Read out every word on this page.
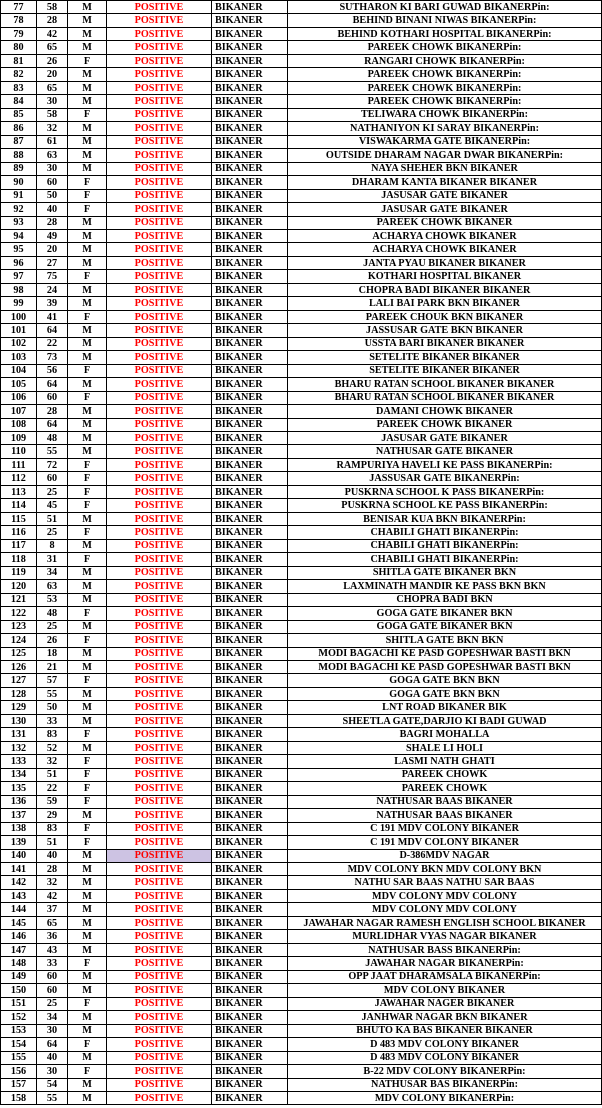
77	58	M	POSITIVE	BIKANER	SUTHARON KI BARI GUWAD BIKANERPin:
78	28	M	POSITIVE	BIKANER	BEHIND BINANI NIWAS BIKANERPin:
79	42	M	POSITIVE	BIKANER	BEHIND KOTHARI HOSPITAL BIKANERPin:
80	65	M	POSITIVE	BIKANER	PAREEK CHOWK BIKANERPin:
81	26	F	POSITIVE	BIKANER	RANGARI CHOWK BIKANERPin:
82	20	M	POSITIVE	BIKANER	PAREEK CHOWK BIKANERPin:
83	65	M	POSITIVE	BIKANER	PAREEK CHOWK BIKANERPin:
84	30	M	POSITIVE	BIKANER	PAREEK CHOWK BIKANERPin:
85	58	F	POSITIVE	BIKANER	TELIWARA CHOWK BIKANERPin:
86	32	M	POSITIVE	BIKANER	NATHANIYON KI SARAY BIKANERPin:
87	61	M	POSITIVE	BIKANER	VISWAKARMA GATE BIKANERPin:
88	63	M	POSITIVE	BIKANER	OUTSIDE DHARAM NAGAR DWAR BIKANERPin:
89	30	M	POSITIVE	BIKANER	NAYA SHEHER BKN BIKANER
90	60	F	POSITIVE	BIKANER	DHARAM KANTA BIKANER BIKANER
91	50	F	POSITIVE	BIKANER	JASUSAR GATE BIKANER
92	40	F	POSITIVE	BIKANER	JASUSAR GATE BIKANER
93	28	M	POSITIVE	BIKANER	PAREEK CHOWK BIKANER
94	49	M	POSITIVE	BIKANER	ACHARYA CHOWK BIKANER
95	20	M	POSITIVE	BIKANER	ACHARYA CHOWK BIKANER
96	27	M	POSITIVE	BIKANER	JANTA PYAU BIKANER BIKANER
97	75	F	POSITIVE	BIKANER	KOTHARI HOSPITAL BIKANER
98	24	M	POSITIVE	BIKANER	CHOPRA BADI BIKANER BIKANER
99	39	M	POSITIVE	BIKANER	LALI BAI PARK BKN BIKANER
100	41	F	POSITIVE	BIKANER	PAREEK CHOUK BKN BIKANER
101	64	M	POSITIVE	BIKANER	JASSUSAR GATE BKN BIKANER
102	22	M	POSITIVE	BIKANER	USSTA BARI BIKANER BIKANER
103	73	M	POSITIVE	BIKANER	SETELITE BIKANER BIKANER
104	56	F	POSITIVE	BIKANER	SETELITE BIKANER BIKANER
105	64	M	POSITIVE	BIKANER	BHARU RATAN SCHOOL BIKANER BIKANER
106	60	F	POSITIVE	BIKANER	BHARU RATAN SCHOOL BIKANER BIKANER
107	28	M	POSITIVE	BIKANER	DAMANI CHOWK BIKANER
108	64	M	POSITIVE	BIKANER	PAREEK CHOWK BIKANER
109	48	M	POSITIVE	BIKANER	JASUSAR GATE BIKANER
110	55	M	POSITIVE	BIKANER	NATHUSAR GATE BIKANER
111	72	F	POSITIVE	BIKANER	RAMPURIYA HAVELI KE PASS BIKANERPin:
112	60	F	POSITIVE	BIKANER	JASSUSAR GATE BIKANERPin:
113	25	F	POSITIVE	BIKANER	PUSKRNA SCHOOL K PASS BIKANERPin:
114	45	F	POSITIVE	BIKANER	PUSKRNA SCHOOL KE PASS BIKANERPin:
115	51	M	POSITIVE	BIKANER	BENISAR KUA BKN BIKANERPin:
116	25	F	POSITIVE	BIKANER	CHABILI GHATI BIKANERPin:
117	8	M	POSITIVE	BIKANER	CHABILI GHATI BIKANERPin:
118	31	F	POSITIVE	BIKANER	CHABILI GHATI BIKANERPin:
119	34	M	POSITIVE	BIKANER	SHITLA GATE BIKANER BKN
120	63	M	POSITIVE	BIKANER	LAXMINATH MANDIR KE PASS BKN BKN
121	53	M	POSITIVE	BIKANER	CHOPRA BADI BKN
122	48	F	POSITIVE	BIKANER	GOGA GATE BIKANER BKN
123	25	M	POSITIVE	BIKANER	GOGA GATE BIKANER BKN
124	26	F	POSITIVE	BIKANER	SHITLA GATE BKN BKN
125	18	M	POSITIVE	BIKANER	MODI BAGACHI KE PASD GOPESHWAR BASTI BKN
126	21	M	POSITIVE	BIKANER	MODI BAGACHI KE PASD GOPESHWAR BASTI BKN
127	57	F	POSITIVE	BIKANER	GOGA GATE BKN BKN
128	55	M	POSITIVE	BIKANER	GOGA GATE BKN BKN
129	50	M	POSITIVE	BIKANER	LNT ROAD BIKANER BIK
130	33	M	POSITIVE	BIKANER	SHEETLA GATE,DARJIO KI BADI GUWAD
131	83	F	POSITIVE	BIKANER	BAGRI MOHALLA
132	52	M	POSITIVE	BIKANER	SHALE LI HOLI
133	32	F	POSITIVE	BIKANER	LASMI NATH GHATI
134	51	F	POSITIVE	BIKANER	PAREEK CHOWK
135	22	F	POSITIVE	BIKANER	PAREEK CHOWK
136	59	F	POSITIVE	BIKANER	NATHUSAR BAAS BIKANER
137	29	M	POSITIVE	BIKANER	NATHUSAR BAAS BIKANER
138	83	F	POSITIVE	BIKANER	C 191 MDV COLONY BIKANER
139	51	F	POSITIVE	BIKANER	C 191 MDV COLONY BIKANER
140	40	M	POSITIVE	BIKANER	D-386MDV NAGAR
141	28	M	POSITIVE	BIKANER	MDV COLONY BKN MDV COLONY BKN
142	32	M	POSITIVE	BIKANER	NATHU SAR BAAS NATHU SAR BAAS
143	42	M	POSITIVE	BIKANER	MDV COLONY MDV COLONY
144	37	M	POSITIVE	BIKANER	MDV COLONY MDV COLONY
145	65	M	POSITIVE	BIKANER	JAWAHAR NAGAR RAMESH ENGLISH SCHOOL BIKANER
146	36	M	POSITIVE	BIKANER	MURLIDHAR VYAS NAGAR BIKANER
147	43	M	POSITIVE	BIKANER	NATHUSAR BASS BIKANERPin:
148	33	F	POSITIVE	BIKANER	JAWAHAR NAGAR BIKANERPin:
149	60	M	POSITIVE	BIKANER	OPP JAAT DHARAMSALA BIKANERPin:
150	60	M	POSITIVE	BIKANER	MDV COLONY BIKANER
151	25	F	POSITIVE	BIKANER	JAWAHAR NAGER BIKANER
152	34	M	POSITIVE	BIKANER	JANHWAR NAGAR BKN BIKANER
153	30	M	POSITIVE	BIKANER	BHUTO KA BAS BIKANER BIKANER
154	64	F	POSITIVE	BIKANER	D 483 MDV COLONY BIKANER
155	40	M	POSITIVE	BIKANER	D 483 MDV COLONY BIKANER
156	30	F	POSITIVE	BIKANER	B-22 MDV COLONY BIKANERPin:
157	54	M	POSITIVE	BIKANER	NATHUSAR BAS BIKANERPin:
158	55	M	POSITIVE	BIKANER	MDV COLONY BIKANERPin:
